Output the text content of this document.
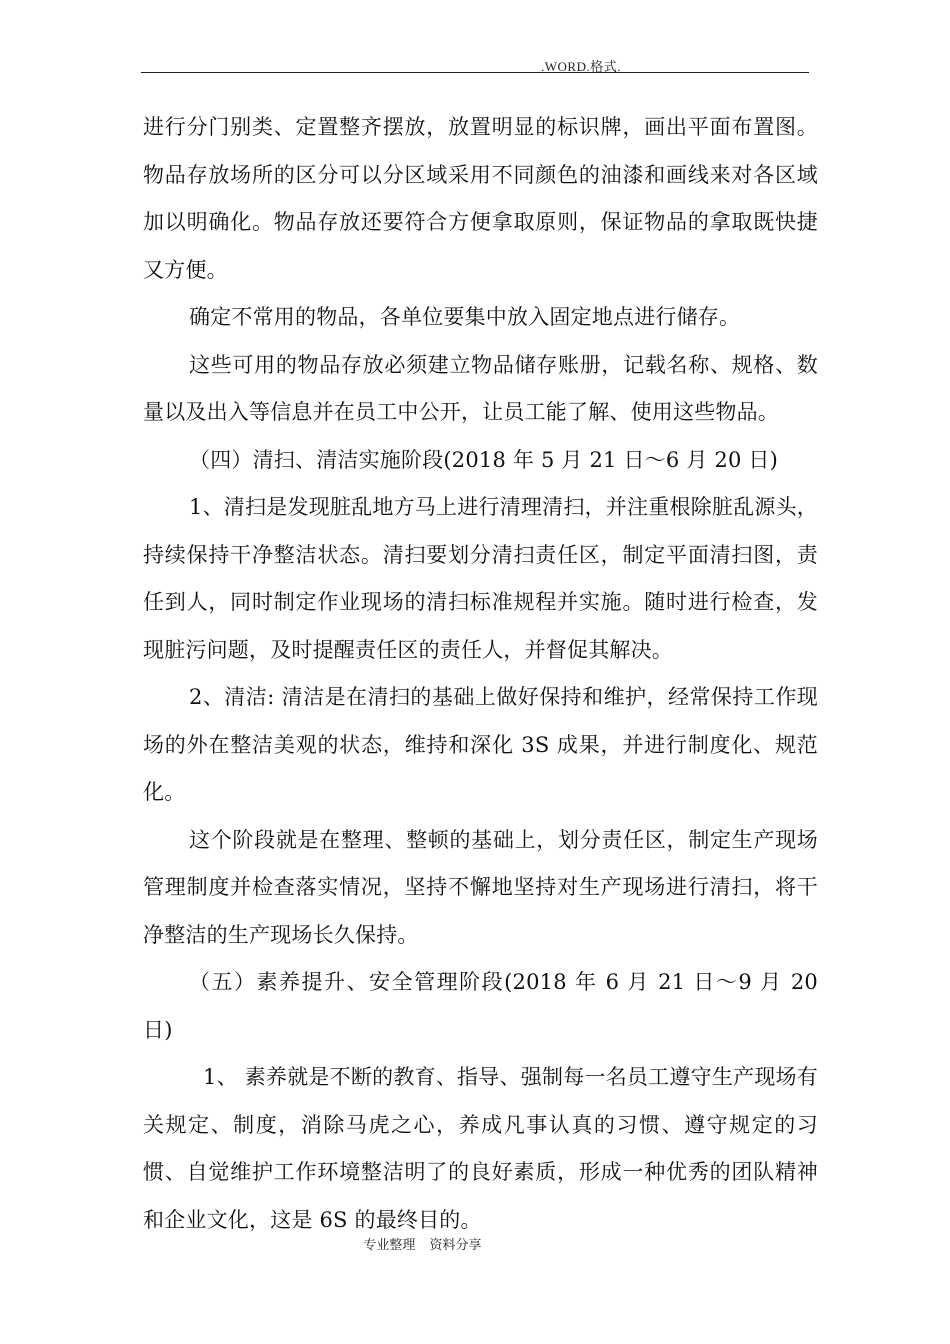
.WORD.格式.

进行分门别类、定置整齐摆放，放置明显的标识牌，画出平面布置图。物品存放场所的区分可以分区域采用不同颜色的油漆和画线来对各区域加以明确化。物品存放还要符合方便拿取原则，保证物品的拿取既快捷又方便。

确定不常用的物品，各单位要集中放入固定地点进行储存。

这些可用的物品存放必须建立物品储存账册，记载名称、规格、数量以及出入等信息并在员工中公开，让员工能了解、使用这些物品。

（四）清扫、清洁实施阶段(2018 年 5 月 21 日～6 月 20 日)

1、清扫是发现脏乱地方马上进行清理清扫，并注重根除脏乱源头，持续保持干净整洁状态。清扫要划分清扫责任区，制定平面清扫图，责任到人，同时制定作业现场的清扫标准规程并实施。随时进行检查，发现脏污问题，及时提醒责任区的责任人，并督促其解决。

2、清洁: 清洁是在清扫的基础上做好保持和维护，经常保持工作现场的外在整洁美观的状态，维持和深化 3S 成果，并进行制度化、规范化。

这个阶段就是在整理、整顿的基础上，划分责任区，制定生产现场管理制度并检查落实情况，坚持不懈地坚持对生产现场进行清扫，将干净整洁的生产现场长久保持。

（五）素养提升、安全管理阶段(2018 年 6 月 21 日～9 月 20 日)

1、 素养就是不断的教育、指导、强制每一名员工遵守生产现场有关规定、制度，消除马虎之心，养成凡事认真的习惯、遵守规定的习惯、自觉维护工作环境整洁明了的良好素质，形成一种优秀的团队精神和企业文化，这是 6S 的最终目的。

专业整理 资料分享
